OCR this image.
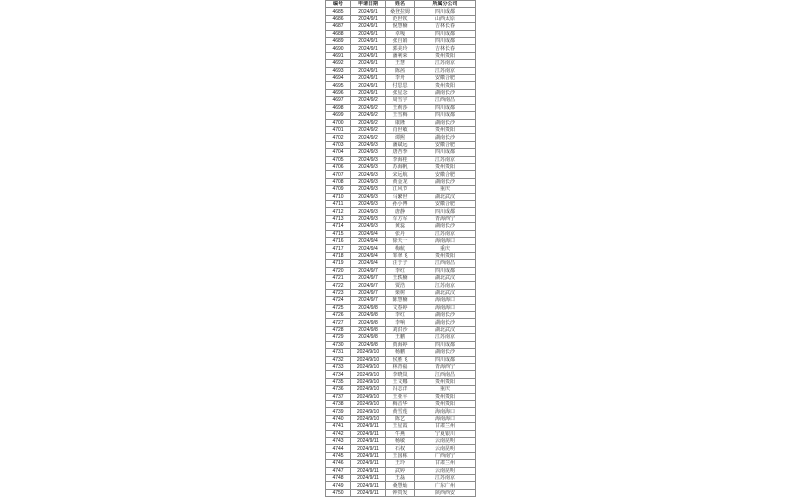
编号	申请日期	姓名	所属分公司
4685	2024/9/1	桑登拉姆	四川成都
4686	2024/9/1	范世钦	山西太原
4687	2024/9/1	倪慧楠	吉林长春
4688	2024/9/1	卓嘎	四川成都
4689	2024/9/1	张自娟	四川成都
4690	2024/9/1	郭美玲	吉林长春
4691	2024/9/1	潘利荣	贵州贵阳
4692	2024/9/1	王慧	江苏南京
4693	2024/9/1	陈茜	江苏南京
4694	2024/9/1	李舟	安徽合肥
4695	2024/9/1	付思思	贵州贵阳
4696	2024/9/1	张星念	湖南长沙
4697	2024/9/2	周雪宇	江西南昌
4698	2024/9/2	王莉莎	四川成都
4699	2024/9/2	王雪梅	四川成都
4700	2024/9/2	康隆	湖南长沙
4701	2024/9/2	肖世敏	贵州贵阳
4702	2024/9/2	谭熙	湖南长沙
4703	2024/9/3	潘斌远	安徽合肥
4704	2024/9/3	唐杏季	四川成都
4705	2024/9/3	李海桂	江苏南京
4706	2024/9/3	苏海帆	贵州贵阳
4707	2024/9/3	宋远航	安徽合肥
4708	2024/9/3	黄金龙	湖南长沙
4709	2024/9/3	江风节	重庆
4710	2024/9/3	马繁世	湖北武汉
4711	2024/9/3	孙小博	安徽合肥
4712	2024/9/3	唐静	四川成都
4713	2024/9/3	车方军	青海西宁
4714	2024/9/3	黄蕊	湖南长沙
4715	2024/9/4	张丹	江苏南京
4716	2024/9/4	徐天一	海南海口
4717	2024/9/4	梅航	重庆
4718	2024/9/4	邹翠飞	贵州贵阳
4719	2024/9/4	汪于子	江西南昌
4720	2024/9/7	李红	四川成都
4721	2024/9/7	王轶楠	湖北武汉
4722	2024/9/7	贾浩	江苏南京
4723	2024/9/7	栗树	湖北武汉
4724	2024/9/7	陈慧楠	海南海口
4725	2024/9/8	文春婷	海南海口
4726	2024/9/8	李红	湖南长沙
4727	2024/9/8	李响	湖南长沙
4728	2024/9/8	刘洪沙	湖北武汉
4729	2024/9/8	王鹏	江苏南京
4730	2024/9/8	贾海婷	四川成都
4731	2024/9/10	杨鹏	湖南长沙
4732	2024/9/10	侯胜飞	四川成都
4733	2024/9/10	林青福	青海西宁
4734	2024/9/10	李晓岚	江西南昌
4735	2024/9/10	王文娜	贵州贵阳
4736	2024/9/10	冯志洋	重庆
4737	2024/9/10	王亚平	贵州贵阳
4738	2024/9/10	梅音华	贵州贵阳
4739	2024/9/10	黄雪莲	海南海口
4740	2024/9/10	陈艺	海南海口
4741	2024/9/11	王星霞	甘肃兰州
4742	2024/9/11	牛燕	宁夏银川
4743	2024/9/11	杨敏	云南昆明
4744	2024/9/11	石权	云南昆明
4745	2024/9/11	王国栋	广西南宁
4746	2024/9/11	王玲	甘肃兰州
4747	2024/9/11	武婷	云南昆明
4748	2024/9/11	王磊	江苏南京
4749	2024/9/11	桑慧灿	广东广州
4750	2024/9/11	钟贵发	陕西西安
